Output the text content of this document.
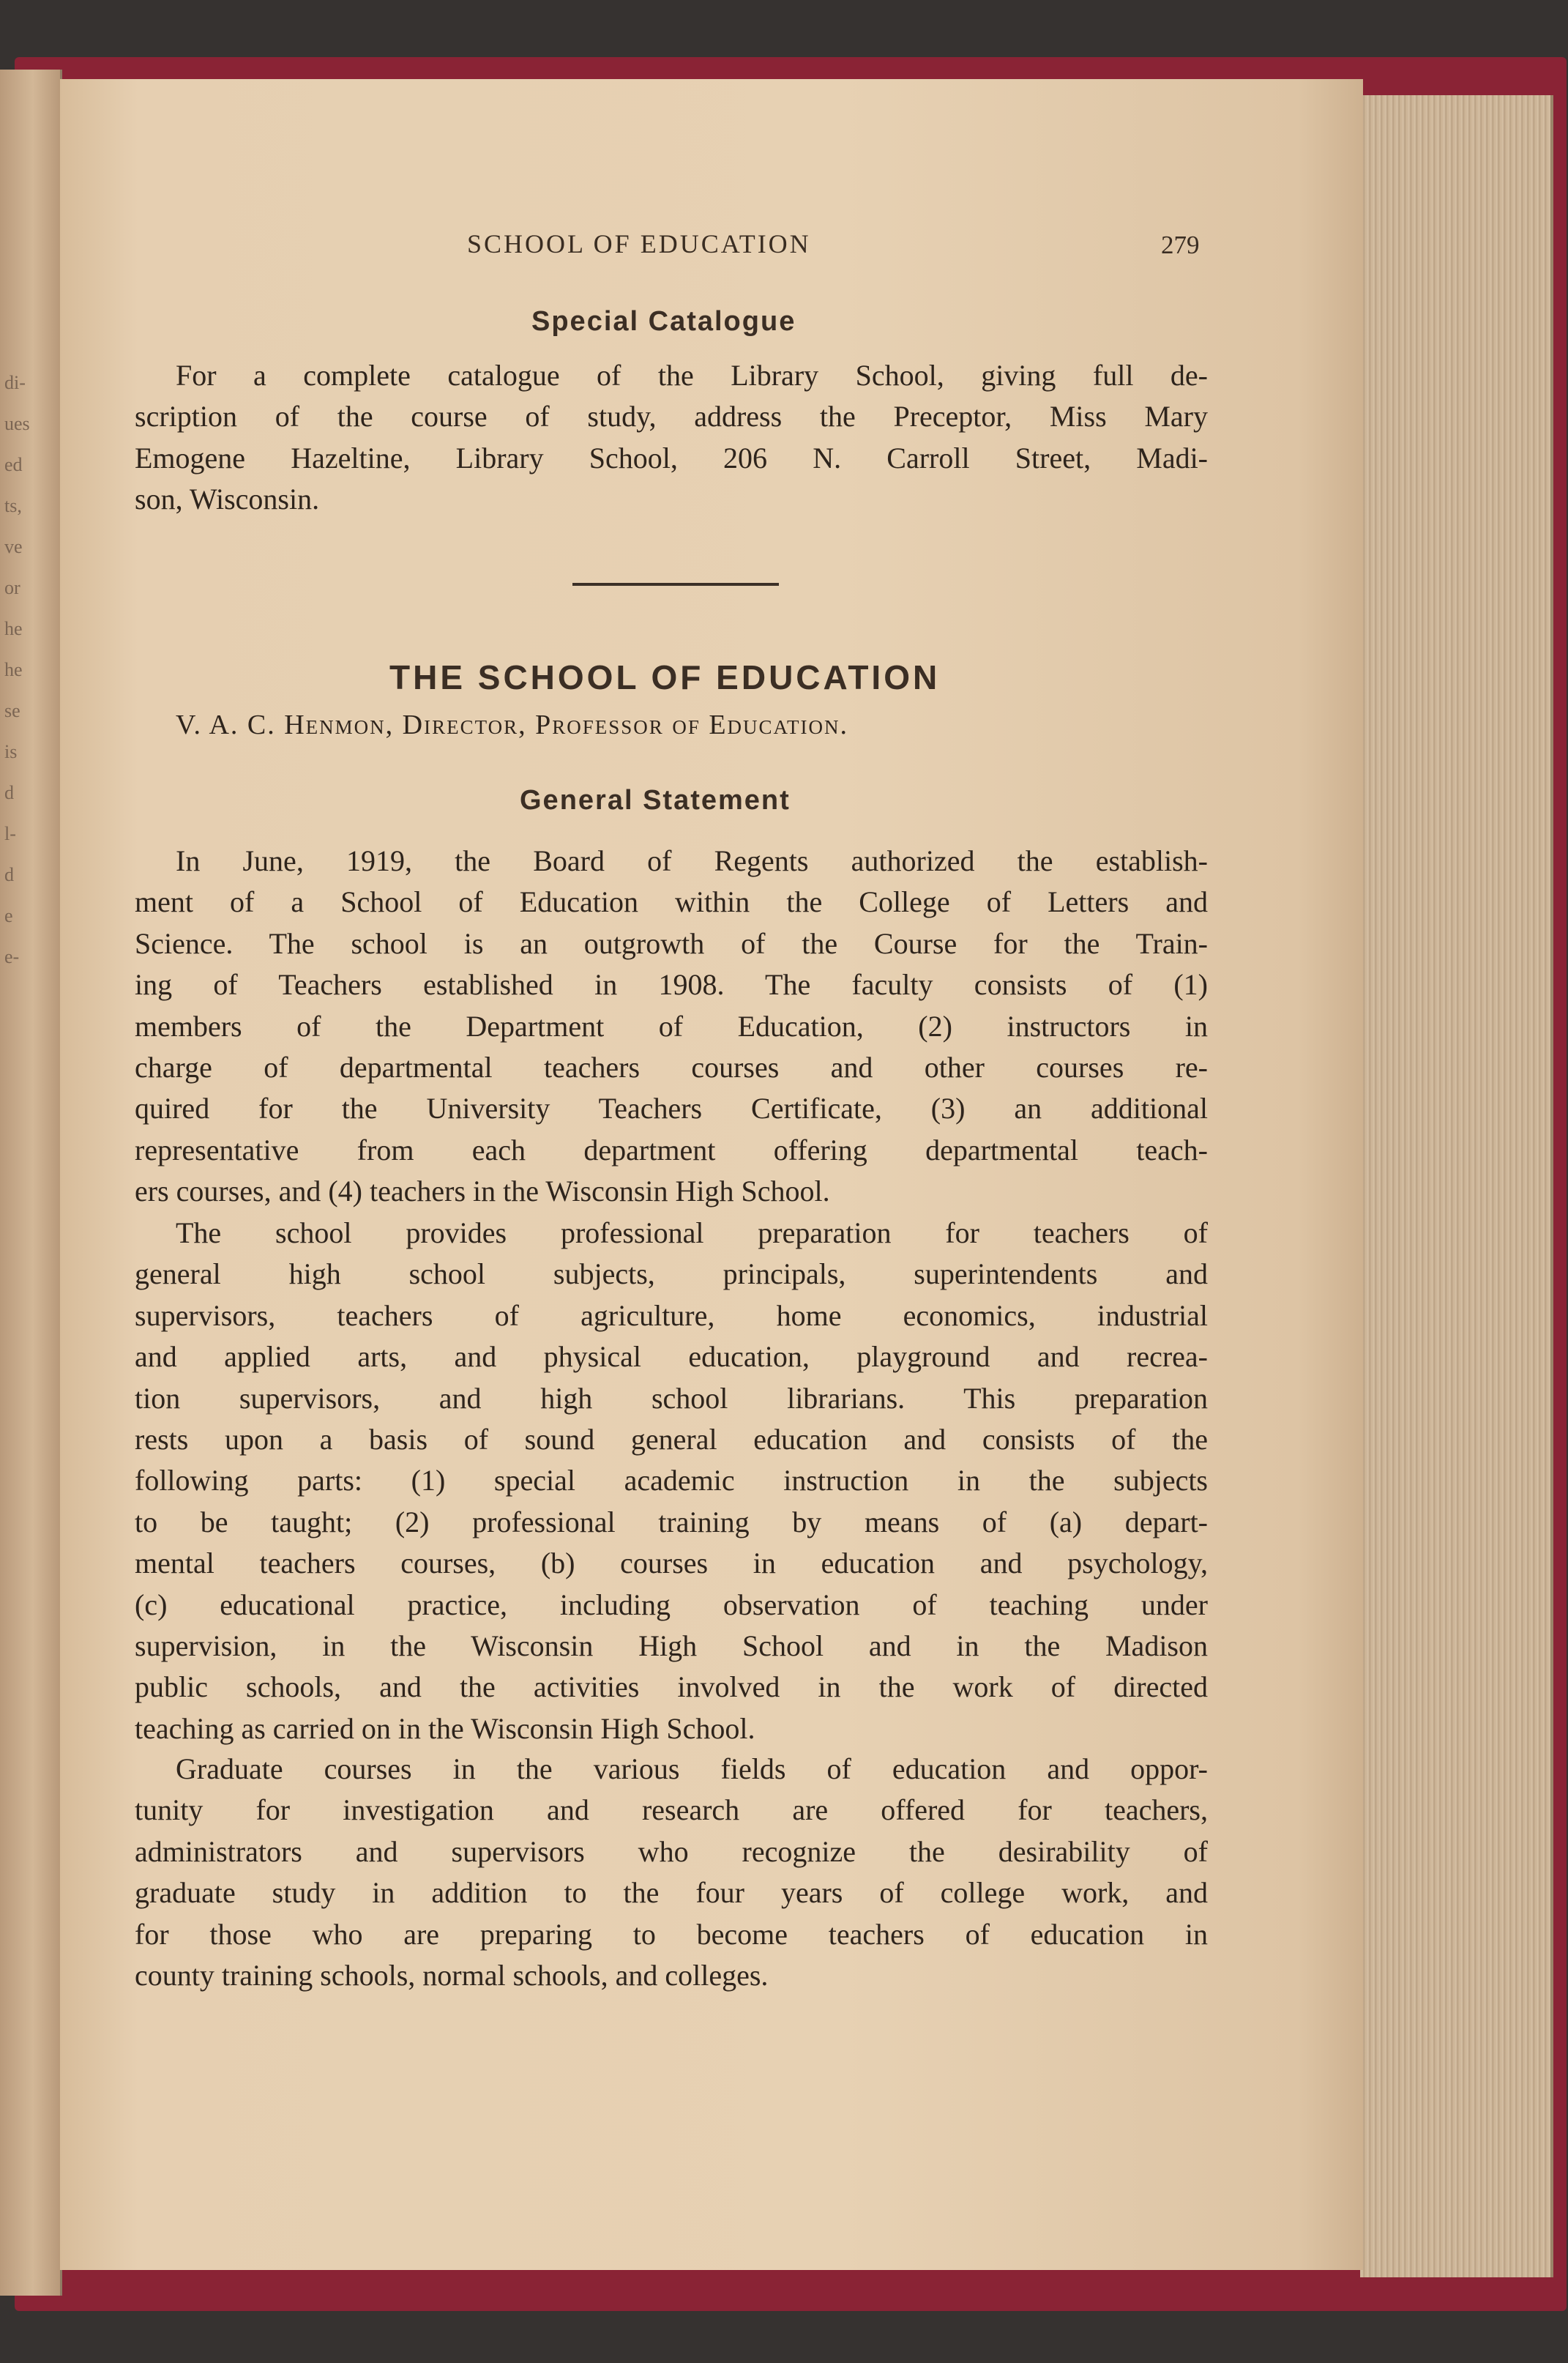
di-
ues
ed
ts,
ve
or
he
he
se
is
d
l-
d
e
e-
SCHOOL OF EDUCATION	279
Special Catalogue
For a complete catalogue of the Library School, giving full de-
scription of the course of study, address the Preceptor, Miss Mary
Emogene Hazeltine, Library School, 206 N. Carroll Street, Madi-
son, Wisconsin.
THE SCHOOL OF EDUCATION
V. A. C. Henmon, Director, Professor of Education.
General Statement
In June, 1919, the Board of Regents authorized the establish-
ment of a School of Education within the College of Letters and
Science. The school is an outgrowth of the Course for the Train-
ing of Teachers established in 1908. The faculty consists of (1)
members of the Department of Education, (2) instructors in
charge of departmental teachers courses and other courses re-
quired for the University Teachers Certificate, (3) an additional
representative from each department offering departmental teach-
ers courses, and (4) teachers in the Wisconsin High School.
The school provides professional preparation for teachers of
general high school subjects, principals, superintendents and
supervisors, teachers of agriculture, home economics, industrial
and applied arts, and physical education, playground and recrea-
tion supervisors, and high school librarians. This preparation
rests upon a basis of sound general education and consists of the
following parts: (1) special academic instruction in the subjects
to be taught; (2) professional training by means of (a) depart-
mental teachers courses, (b) courses in education and psychology,
(c) educational practice, including observation of teaching under
supervision, in the Wisconsin High School and in the Madison
public schools, and the activities involved in the work of directed
teaching as carried on in the Wisconsin High School.
Graduate courses in the various fields of education and oppor-
tunity for investigation and research are offered for teachers,
administrators and supervisors who recognize the desirability of
graduate study in addition to the four years of college work, and
for those who are preparing to become teachers of education in
county training schools, normal schools, and colleges.
